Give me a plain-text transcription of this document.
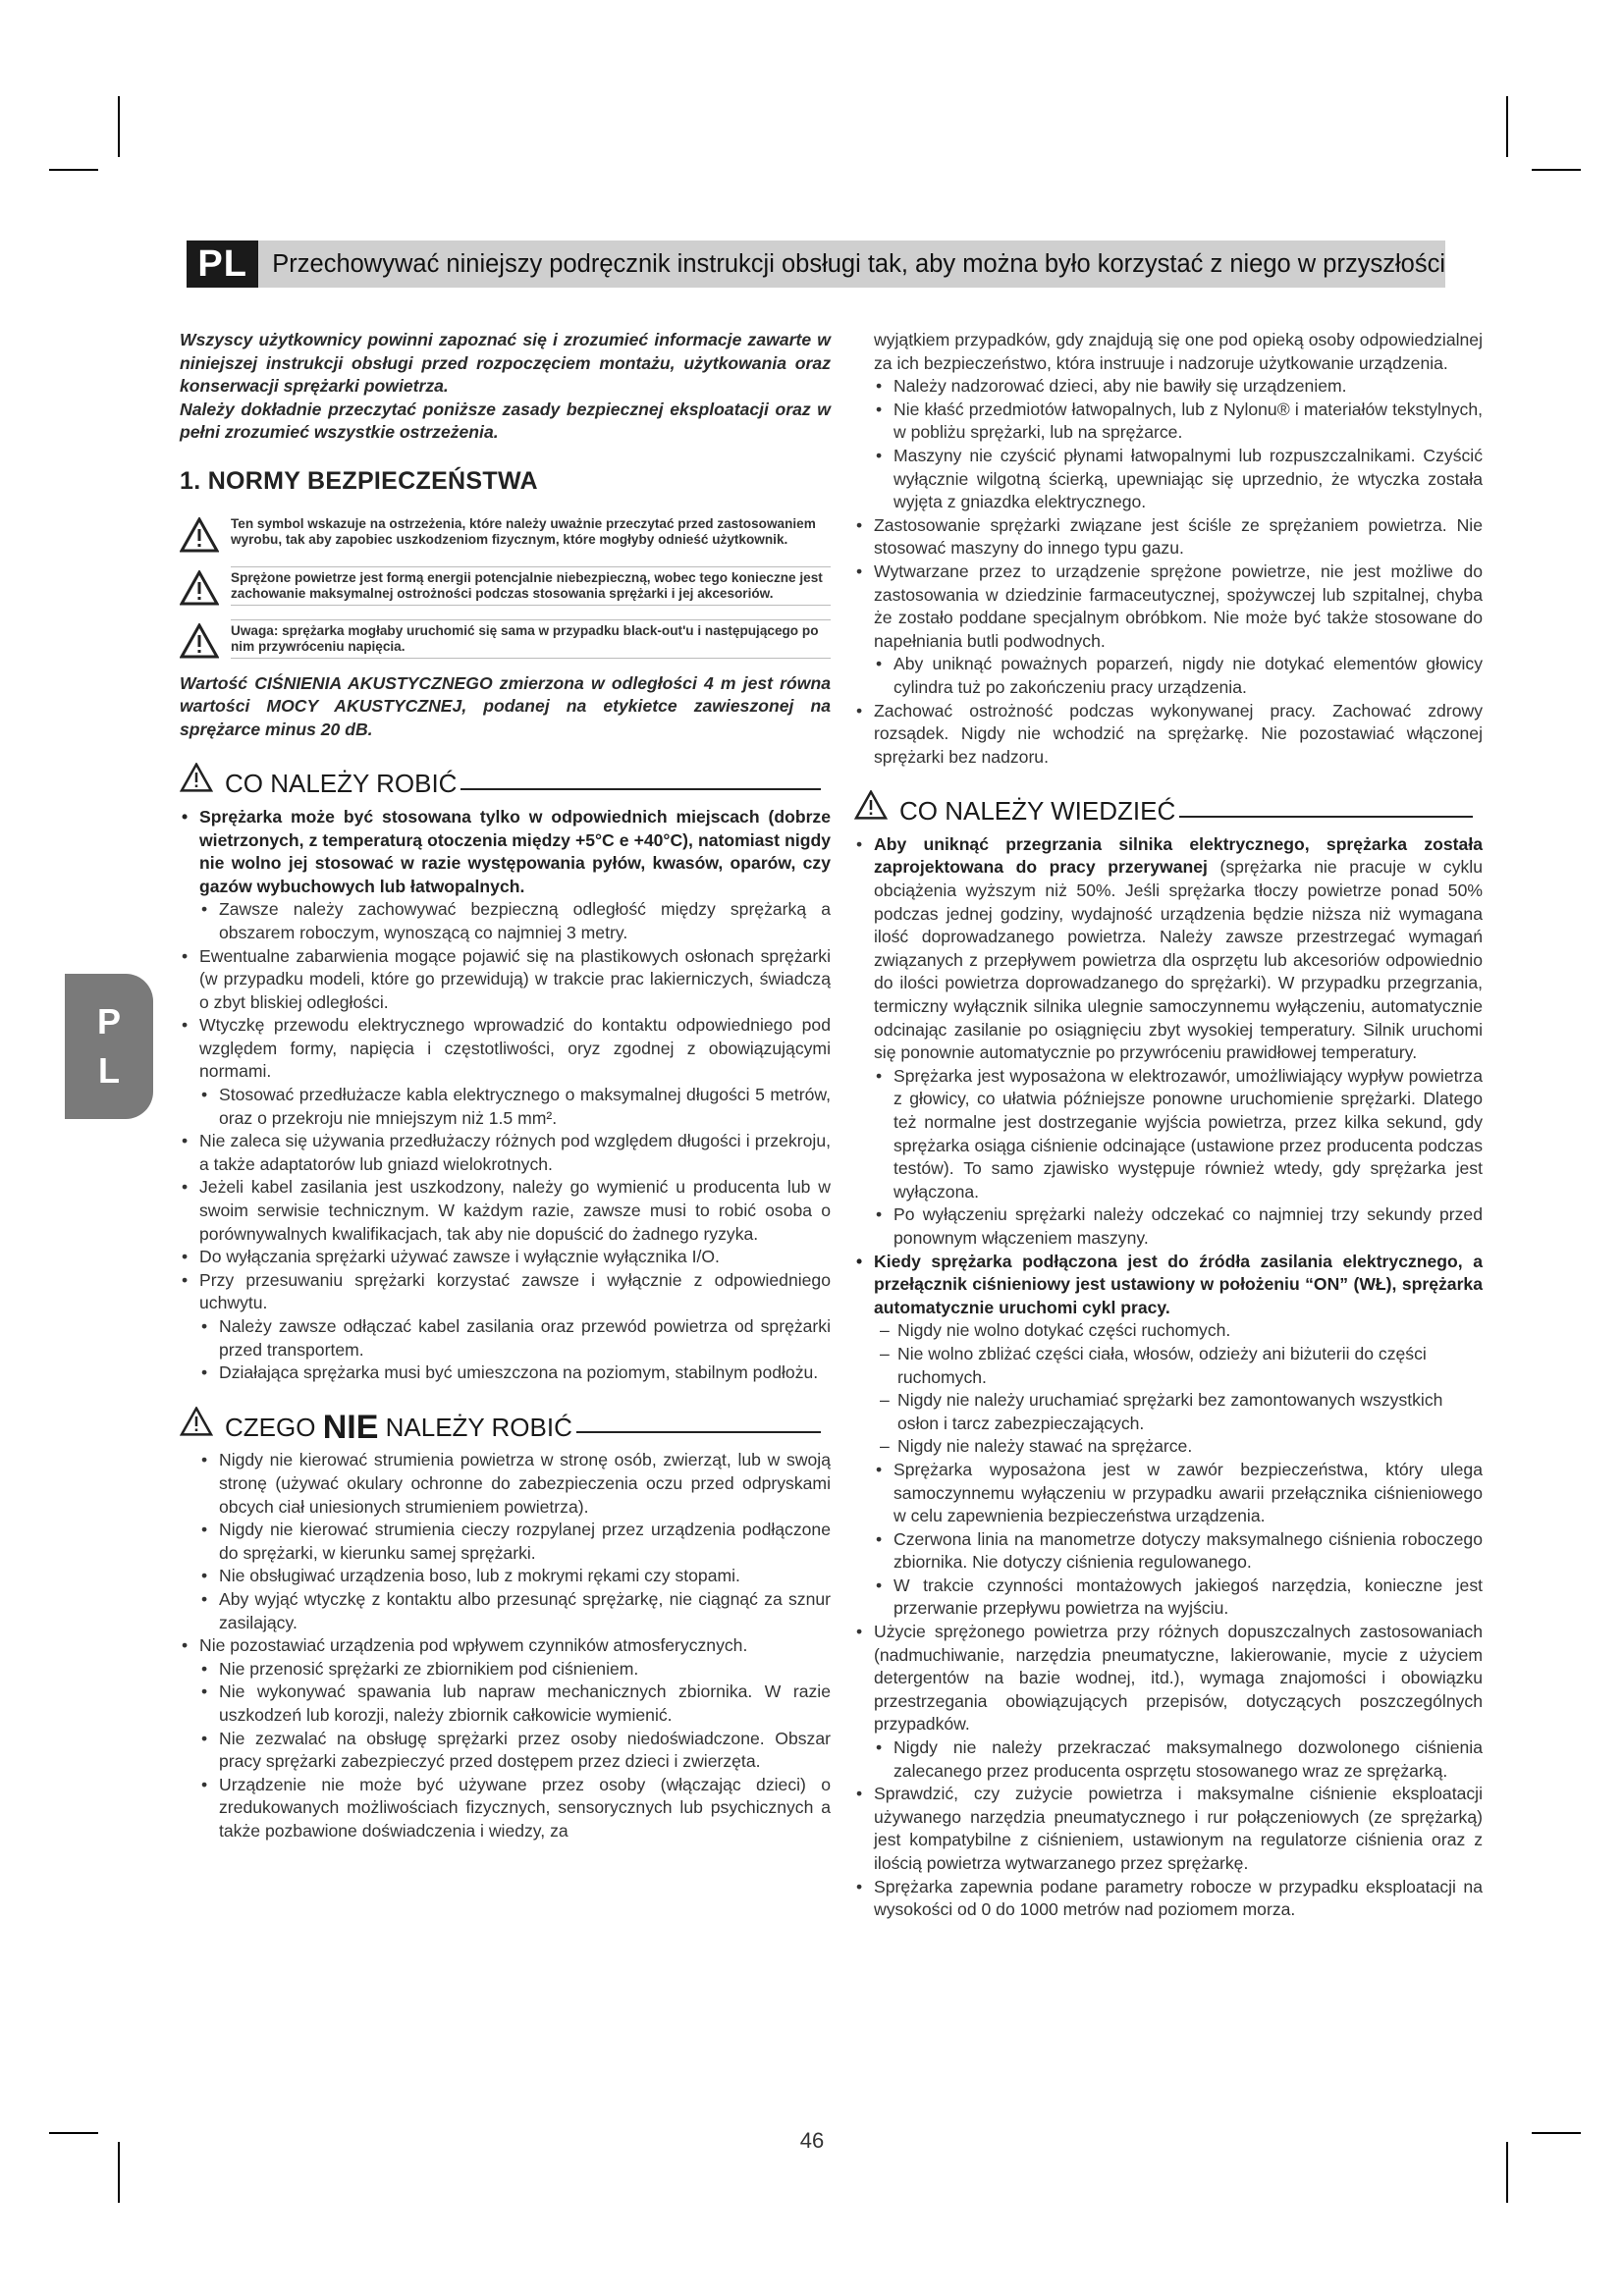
PL Przechowywać niniejszy podręcznik instrukcji obsługi tak, aby można było korzystać z niego w przyszłości
P
L

Wszyscy użytkownicy powinni zapoznać się i zrozumieć informacje zawarte w niniejszej instrukcji obsługi przed rozpoczęciem montażu, użytkowania oraz konserwacji sprężarki powietrza.

Należy dokładnie przeczytać poniższe zasady bezpiecznej eksploatacji oraz w pełni zrozumieć wszystkie ostrzeżenia.

1. NORMY BEZPIECZEŃSTWA
Ten symbol wskazuje na ostrzeżenia, które należy uważnie przeczytać przed zastosowaniem wyrobu, tak aby zapobiec uszkodzeniom fizycznym, które mogłyby odnieść użytkownik.
Sprężone powietrze jest formą energii potencjalnie niebezpieczną, wobec tego konieczne jest zachowanie maksymalnej ostrożności podczas stosowania sprężarki i jej akcesoriów.
Uwaga: sprężarka mogłaby uruchomić się sama w przypadku black-out'u i następującego po nim przywróceniu napięcia.

Wartość CIŚNIENIA AKUSTYCZNEGO zmierzona w odległości 4 m jest równa wartości MOCY AKUSTYCZNEJ, podanej na etykietce zawieszonej na sprężarce minus 20 dB.

CO NALEŻY ROBIĆ

• Sprężarka może być stosowana tylko w odpowiednich miejscach (dobrze wietrzonych, z temperaturą otoczenia między +5°C e +40°C), natomiast nigdy nie wolno jej stosować w razie występowania pyłów, kwasów, oparów, czy gazów wybuchowych lub łatwopalnych.

• Zawsze należy zachowywać bezpieczną odległość między sprężarką a obszarem roboczym, wynoszącą co najmniej 3 metry.

• Ewentualne zabarwienia mogące pojawić się na plastikowych osłonach sprężarki (w przypadku modeli, które go przewidują) w trakcie prac lakierniczych, świadczą o zbyt bliskiej odległości.

• Wtyczkę przewodu elektrycznego wprowadzić do kontaktu odpowiedniego pod względem formy, napięcia i częstotliwości, oryz zgodnej z obowiązującymi normami.

• Stosować przedłużacze kabla elektrycznego o maksymalnej długości 5 metrów, oraz o przekroju nie mniejszym niż 1.5 mm².

• Nie zaleca się używania przedłużaczy różnych pod względem długości i przekroju, a także adaptatorów lub gniazd wielokrotnych.

• Jeżeli kabel zasilania jest uszkodzony, należy go wymienić u producenta lub w swoim serwisie technicznym. W każdym razie, zawsze musi to robić osoba o porównywalnych kwalifikacjach, tak aby nie dopuścić do żadnego ryzyka.

• Do wyłączania sprężarki używać zawsze i wyłącznie wyłącznika I/O.

• Przy przesuwaniu sprężarki korzystać zawsze i wyłącznie z odpowiedniego uchwytu.

• Należy zawsze odłączać kabel zasilania oraz przewód powietrza od sprężarki przed transportem.

• Działająca sprężarka musi być umieszczona na poziomym, stabilnym podłożu.

CZEGO
NIE
NALEŻY ROBIĆ

• Nigdy nie kierować strumienia powietrza w stronę osób, zwierząt, lub w swoją stronę (używać okulary ochronne do zabezpieczenia oczu przed odpryskami obcych ciał uniesionych strumieniem powietrza).

• Nigdy nie kierować strumienia cieczy rozpylanej przez urządzenia podłączone do sprężarki, w kierunku samej sprężarki.

• Nie obsługiwać urządzenia boso, lub z mokrymi rękami czy stopami.

• Aby wyjąć wtyczkę z kontaktu albo przesunąć sprężarkę, nie ciągnąć za sznur zasilający.

• Nie pozostawiać urządzenia pod wpływem czynników atmosferycznych.

• Nie przenosić sprężarki ze zbiornikiem pod ciśnieniem.

• Nie wykonywać spawania lub napraw mechanicznych zbiornika. W razie uszkodzeń lub korozji, należy zbiornik całkowicie wymienić.

• Nie zezwalać na obsługę sprężarki przez osoby niedoświadczone. Obszar pracy sprężarki zabezpieczyć przed dostępem przez dzieci i zwierzęta.

• Urządzenie nie może być używane przez osoby (włączając dzieci) o zredukowanych możliwościach fizycznych, sensorycznych lub psychicznych a także pozbawione doświadczenia i wiedzy, za

wyjątkiem przypadków, gdy znajdują się one pod opieką osoby odpowiedzialnej za ich bezpieczeństwo, która instruuje i nadzoruje użytkowanie urządzenia.

• Należy nadzorować dzieci, aby nie bawiły się urządzeniem.

• Nie kłaść przedmiotów łatwopalnych, lub z Nylonu® i materiałów tekstylnych, w pobliżu sprężarki, lub na sprężarce.

• Maszyny nie czyścić płynami łatwopalnymi lub rozpuszczalnikami. Czyścić wyłącznie wilgotną ścierką, upewniając się uprzednio, że wtyczka została wyjęta z gniazdka elektrycznego.

• Zastosowanie sprężarki związane jest ściśle ze sprężaniem powietrza. Nie stosować maszyny do innego typu gazu.

• Wytwarzane przez to urządzenie sprężone powietrze, nie jest możliwe do zastosowania w dziedzinie farmaceutycznej, spożywczej lub szpitalnej, chyba że zostało poddane specjalnym obróbkom. Nie może być także stosowane do napełniania butli podwodnych.

• Aby uniknąć poważnych poparzeń, nigdy nie dotykać elementów głowicy cylindra tuż po zakończeniu pracy urządzenia.

• Zachować ostrożność podczas wykonywanej pracy. Zachować zdrowy rozsądek. Nigdy nie wchodzić na sprężarkę. Nie pozostawiać włączonej sprężarki bez nadzoru.

CO NALEŻY WIEDZIEĆ

• Aby uniknąć przegrzania silnika elektrycznego, sprężarka została zaprojektowana do pracy przerywanej (sprężarka nie pracuje w cyklu obciążenia wyższym niż 50%. Jeśli sprężarka tłoczy powietrze ponad 50% podczas jednej godziny, wydajność urządzenia będzie niższa niż wymagana ilość doprowadzanego powietrza. Należy zawsze przestrzegać wymagań związanych z przepływem powietrza dla osprzętu lub akcesoriów odpowiednio do ilości powietrza doprowadzanego do sprężarki). W przypadku przegrzania, termiczny wyłącznik silnika ulegnie samoczynnemu wyłączeniu, automatycznie odcinając zasilanie po osiągnięciu zbyt wysokiej temperatury. Silnik uruchomi się ponownie automatycznie po przywróceniu prawidłowej temperatury.

• Sprężarka jest wyposażona w elektrozawór, umożliwiający wypływ powietrza z głowicy, co ułatwia późniejsze ponowne uruchomienie sprężarki. Dlatego też normalne jest dostrzeganie wyjścia powietrza, przez kilka sekund, gdy sprężarka osiąga ciśnienie odcinające (ustawione przez producenta podczas testów). To samo zjawisko występuje również wtedy, gdy sprężarka jest wyłączona.

• Po wyłączeniu sprężarki należy odczekać co najmniej trzy sekundy przed ponownym włączeniem maszyny.

• Kiedy sprężarka podłączona jest do źródła zasilania elektrycznego, a przełącznik ciśnieniowy jest ustawiony w położeniu “ON” (WŁ), sprężarka automatycznie uruchomi cykl pracy.

– Nigdy nie wolno dotykać części ruchomych.

– Nie wolno zbliżać części ciała, włosów, odzieży ani biżuterii do części ruchomych.

– Nigdy nie należy uruchamiać sprężarki bez zamontowanych wszystkich osłon i tarcz zabezpieczających.

– Nigdy nie należy stawać na sprężarce.

• Sprężarka wyposażona jest w zawór bezpieczeństwa, który ulega samoczynnemu wyłączeniu w przypadku awarii przełącznika ciśnieniowego w celu zapewnienia bezpieczeństwa urządzenia.

• Czerwona linia na manometrze dotyczy maksymalnego ciśnienia roboczego zbiornika. Nie dotyczy ciśnienia regulowanego.

• W trakcie czynności montażowych jakiegoś narzędzia, konieczne jest przerwanie przepływu powietrza na wyjściu.

• Użycie sprężonego powietrza przy różnych dopuszczalnych zastosowaniach (nadmuchiwanie, narzędzia pneumatyczne, lakierowanie, mycie z użyciem detergentów na bazie wodnej, itd.), wymaga znajomości i obowiązku przestrzegania obowiązujących przepisów, dotyczących poszczególnych przypadków.

• Nigdy nie należy przekraczać maksymalnego dozwolonego ciśnienia zalecanego przez producenta osprzętu stosowanego wraz ze sprężarką.

• Sprawdzić, czy zużycie powietrza i maksymalne ciśnienie eksploatacji używanego narzędzia pneumatycznego i rur połączeniowych (ze sprężarką) jest kompatybilne z ciśnieniem, ustawionym na regulatorze ciśnienia oraz z ilością powietrza wytwarzanego przez sprężarkę.

• Sprężarka zapewnia podane parametry robocze w przypadku eksploatacji na wysokości od 0 do 1000 metrów nad poziomem morza.

46
